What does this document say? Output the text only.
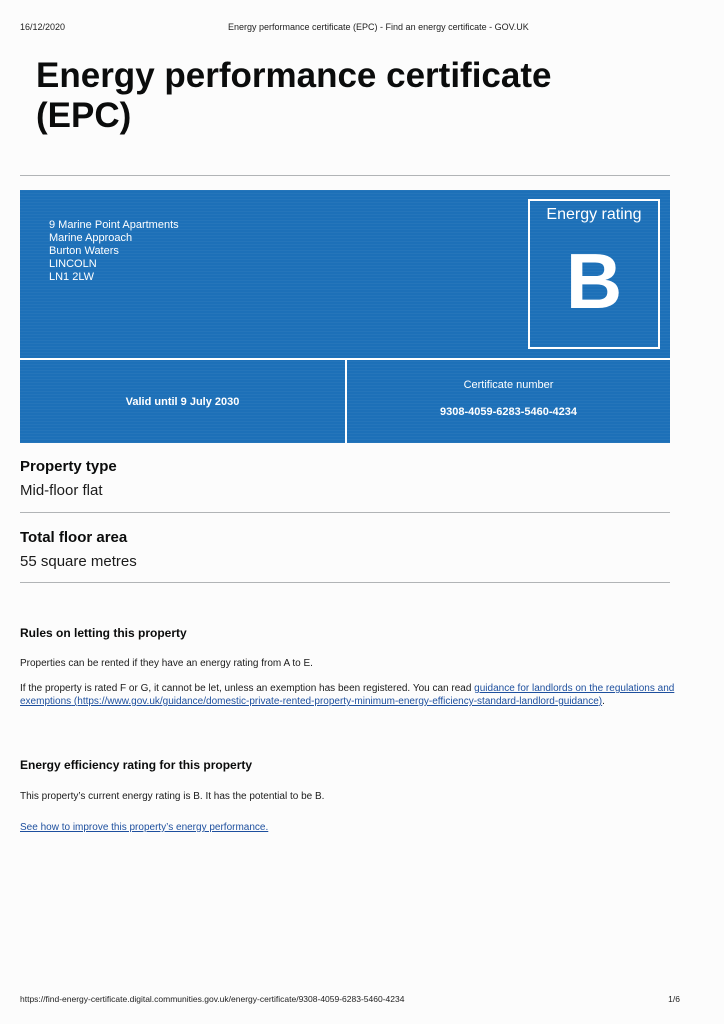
16/12/2020	Energy performance certificate (EPC) - Find an energy certificate - GOV.UK
Energy performance certificate
(EPC)
9 Marine Point Apartments
Marine Approach
Burton Waters
LINCOLN
LN1 2LW
Energy rating
B
Valid until 9 July 2030
Certificate number
9308-4059-6283-5460-4234
Property type
Mid-floor flat
Total floor area
55 square metres
Rules on letting this property
Properties can be rented if they have an energy rating from A to E.
If the property is rated F or G, it cannot be let, unless an exemption has been registered. You can read guidance for landlords on the regulations and exemptions (https://www.gov.uk/guidance/domestic-private-rented-property-minimum-energy-efficiency-standard-landlord-guidance).
Energy efficiency rating for this property
This property’s current energy rating is B. It has the potential to be B.
See how to improve this property’s energy performance.
https://find-energy-certificate.digital.communities.gov.uk/energy-certificate/9308-4059-6283-5460-4234	1/6
